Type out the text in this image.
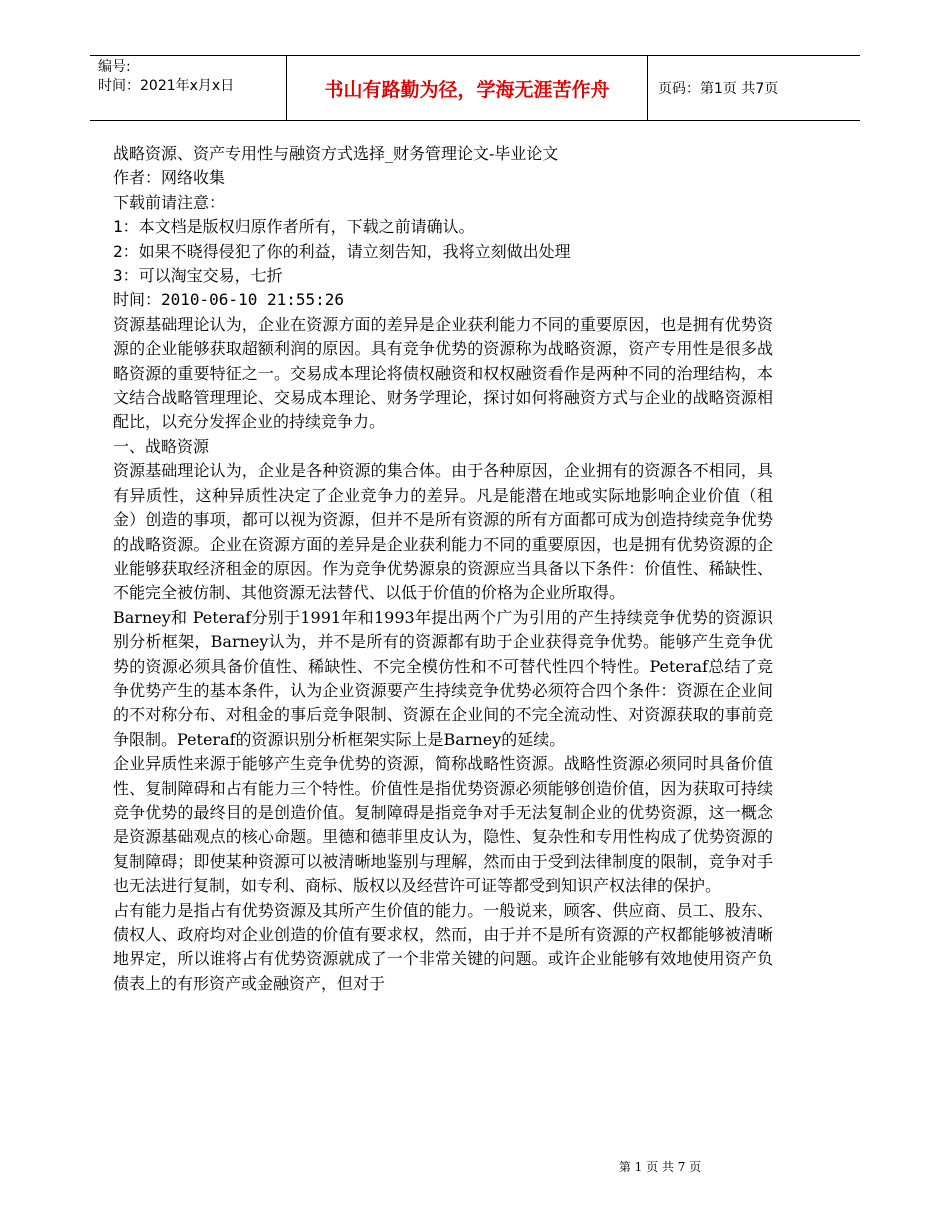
编号:
时间：2021年x月x日	书山有路勤为径，学海无涯苦作舟	页码：第1页 共7页

战略资源、资产专用性与融资方式选择_财务管理论文-毕业论文

作者：网络收集

下载前请注意：

1：本文档是版权归原作者所有，下载之前请确认。

2：如果不晓得侵犯了你的利益，请立刻告知，我将立刻做出处理

3：可以淘宝交易，七折

时间：2010-06-10 21:55:26

资源基础理论认为，企业在资源方面的差异是企业获利能力不同的重要原因，也是拥有优势资源的企业能够获取超额利润的原因。具有竞争优势的资源称为战略资源，资产专用性是很多战略资源的重要特征之一。交易成本理论将债权融资和权权融资看作是两种不同的治理结构，本文结合战略管理理论、交易成本理论、财务学理论，探讨如何将融资方式与企业的战略资源相配比，以充分发挥企业的持续竞争力。

一、战略资源

资源基础理论认为，企业是各种资源的集合体。由于各种原因，企业拥有的资源各不相同，具有异质性，这种异质性决定了企业竞争力的差异。凡是能潜在地或实际地影响企业价值（租金）创造的事项，都可以视为资源，但并不是所有资源的所有方面都可成为创造持续竞争优势的战略资源。企业在资源方面的差异是企业获利能力不同的重要原因，也是拥有优势资源的企业能够获取经济租金的原因。作为竞争优势源泉的资源应当具备以下条件：价值性、稀缺性、不能完全被仿制、其他资源无法替代、以低于价值的价格为企业所取得。

Barney和 Peteraf分别于1991年和1993年提出两个广为引用的产生持续竞争优势的资源识别分析框架，Barney认为，并不是所有的资源都有助于企业获得竞争优势。能够产生竞争优势的资源必须具备价值性、稀缺性、不完全模仿性和不可替代性四个特性。Peteraf总结了竞争优势产生的基本条件，认为企业资源要产生持续竞争优势必须符合四个条件：资源在企业间的不对称分布、对租金的事后竞争限制、资源在企业间的不完全流动性、对资源获取的事前竞争限制。Peteraf的资源识别分析框架实际上是Barney的延续。

企业异质性来源于能够产生竞争优势的资源，简称战略性资源。战略性资源必须同时具备价值性、复制障碍和占有能力三个特性。价值性是指优势资源必须能够创造价值，因为获取可持续竞争优势的最终目的是创造价值。复制障碍是指竞争对手无法复制企业的优势资源，这一概念是资源基础观点的核心命题。里德和德菲里皮认为，隐性、复杂性和专用性构成了优势资源的复制障碍；即使某种资源可以被清晰地鉴别与理解，然而由于受到法律制度的限制，竞争对手也无法进行复制，如专利、商标、版权以及经营许可证等都受到知识产权法律的保护。

占有能力是指占有优势资源及其所产生价值的能力。一般说来，顾客、供应商、员工、股东、债权人、政府均对企业创造的价值有要求权，然而，由于并不是所有资源的产权都能够被清晰地界定，所以谁将占有优势资源就成了一个非常关键的问题。或许企业能够有效地使用资产负债表上的有形资产或金融资产，但对于

第 1 页 共 7 页
